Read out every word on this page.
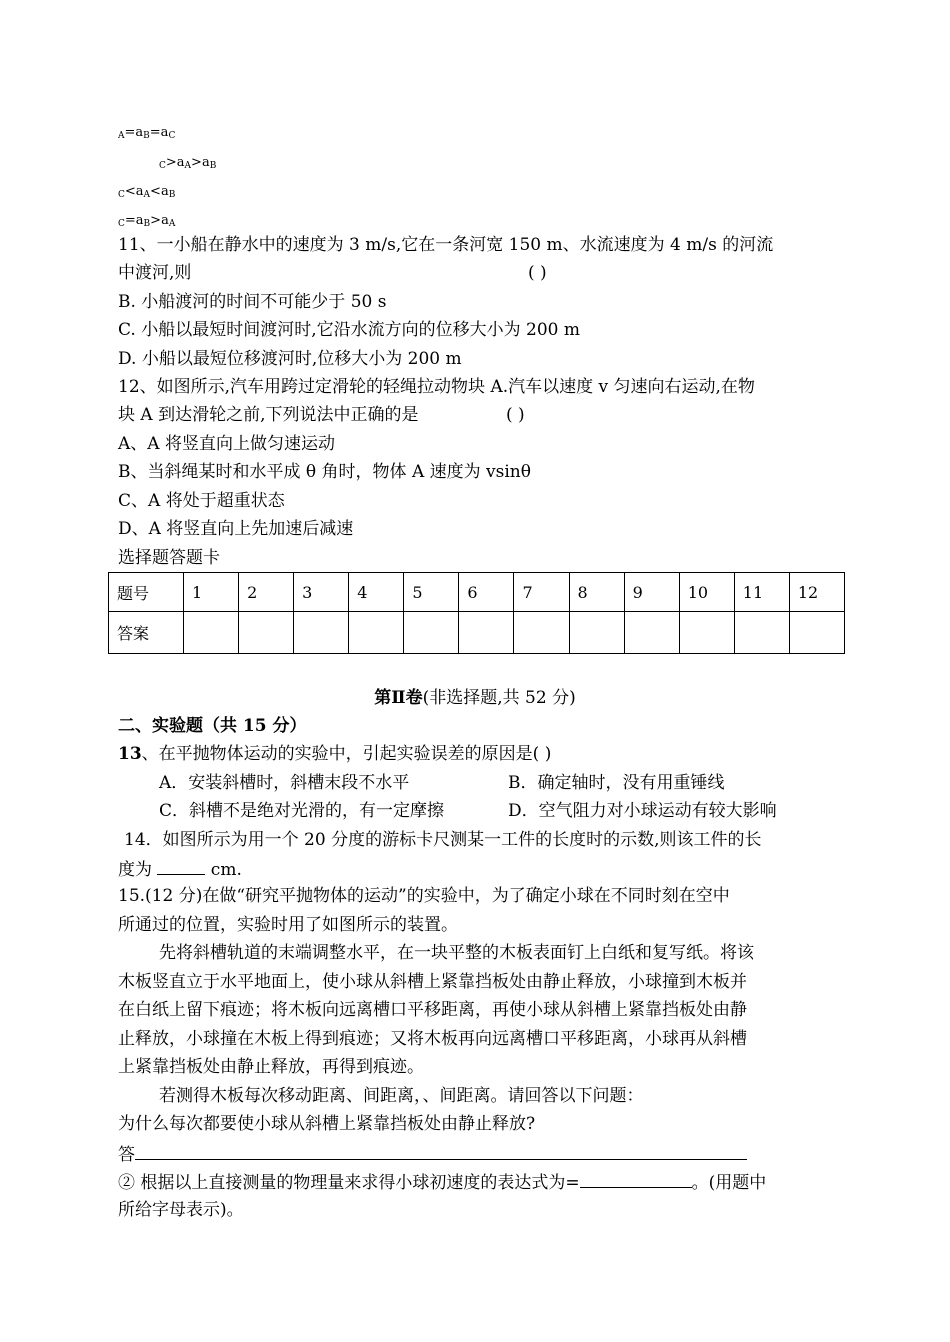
$_A=a_B=a_C$
$_C>a_A>a_B$
$_C<a_A<a_B$
$_C=a_B>a_A$
11、一小船在静水中的速度为 3 m/s,它在一条河宽 150 m、水流速度为 4 m/s 的河流
中渡河,则	( )
B. 小船渡河的时间不可能少于 50 s
C. 小船以最短时间渡河时,它沿水流方向的位移大小为 200 m
D. 小船以最短位移渡河时,位移大小为 200 m
12、如图所示,汽车用跨过定滑轮的轻绳拉动物块 A.汽车以速度 v 匀速向右运动,在物
块 A 到达滑轮之前,下列说法中正确的是	( )
A、A 将竖直向上做匀速运动
B、当斜绳某时和水平成 θ 角时，物体 A 速度为 vsinθ
C、A 将处于超重状态
D、A 将竖直向上先加速后减速
选择题答题卡
题号	1	2	3	4	5	6	7	8	9	10	11	12
答案												
第Ⅱ卷(非选择题,共 52 分)
二、实验题（共 15 分）
13、在平抛物体运动的实验中，引起实验误差的原因是( )
A．安装斜槽时，斜槽末段不水平	B．确定轴时，没有用重锤线
C．斜槽不是绝对光滑的，有一定摩擦	D．空气阻力对小球运动有较大影响
14．如图所示为用一个 20 分度的游标卡尺测某一工件的长度时的示数,则该工件的长
度为	cm.
15.(12 分)在做“研究平抛物体的运动”的实验中，为了确定小球在不同时刻在空中
所通过的位置，实验时用了如图所示的装置。
先将斜槽轨道的末端调整水平，在一块平整的木板表面钉上白纸和复写纸。将该
木板竖直立于水平地面上，使小球从斜槽上紧靠挡板处由静止释放，小球撞到木板并
在白纸上留下痕迹；将木板向远离槽口平移距离，再使小球从斜槽上紧靠挡板处由静
止释放，小球撞在木板上得到痕迹；又将木板再向远离槽口平移距离，小球再从斜槽
上紧靠挡板处由静止释放，再得到痕迹。
若测得木板每次移动距离、间距离，、间距离。请回答以下问题：
为什么每次都要使小球从斜槽上紧靠挡板处由静止释放?
答
② 根据以上直接测量的物理量来求得小球初速度的表达式为=	。(用题中
所给字母表示)。
